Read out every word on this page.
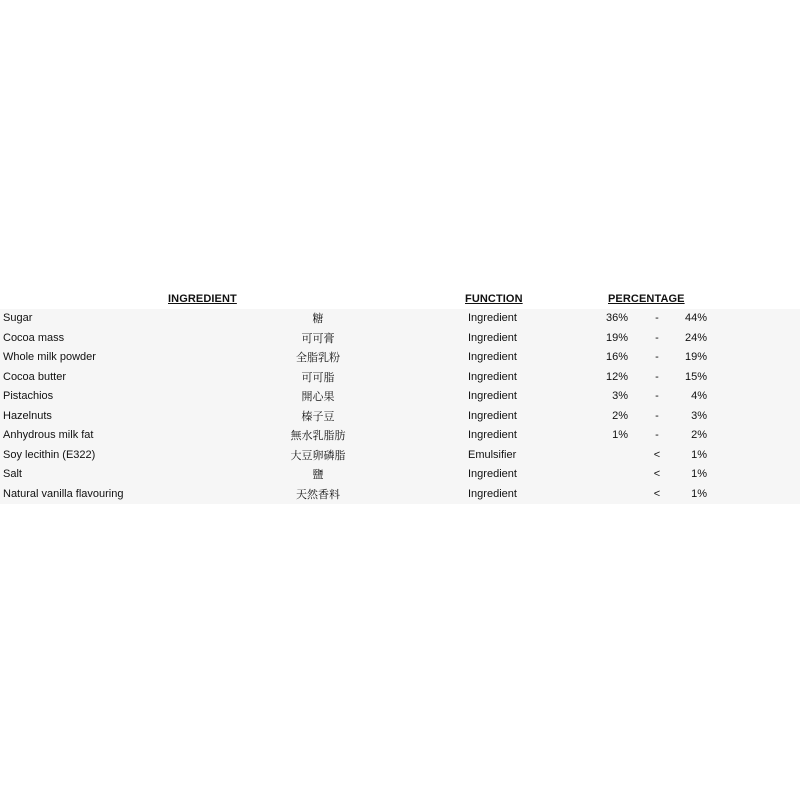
INGREDIENT	FUNCTION	PERCENTAGE
Sugar	糖	Ingredient	36% - 44%
Cocoa mass	可可膏	Ingredient	19% - 24%
Whole milk powder	全脂乳粉	Ingredient	16% - 19%
Cocoa butter	可可脂	Ingredient	12% - 15%
Pistachios	開心果	Ingredient	3% -	4%
Hazelnuts	榛子豆	Ingredient	2% -	3%
Anhydrous milk fat	無水乳脂肪	Ingredient	1% -	2%
Soy lecithin (E322)	大豆卵磷脂	Emulsifier	<	1%
Salt	鹽	Ingredient	<	1%
Natural vanilla flavouring	天然香料	Ingredient	<	1%
